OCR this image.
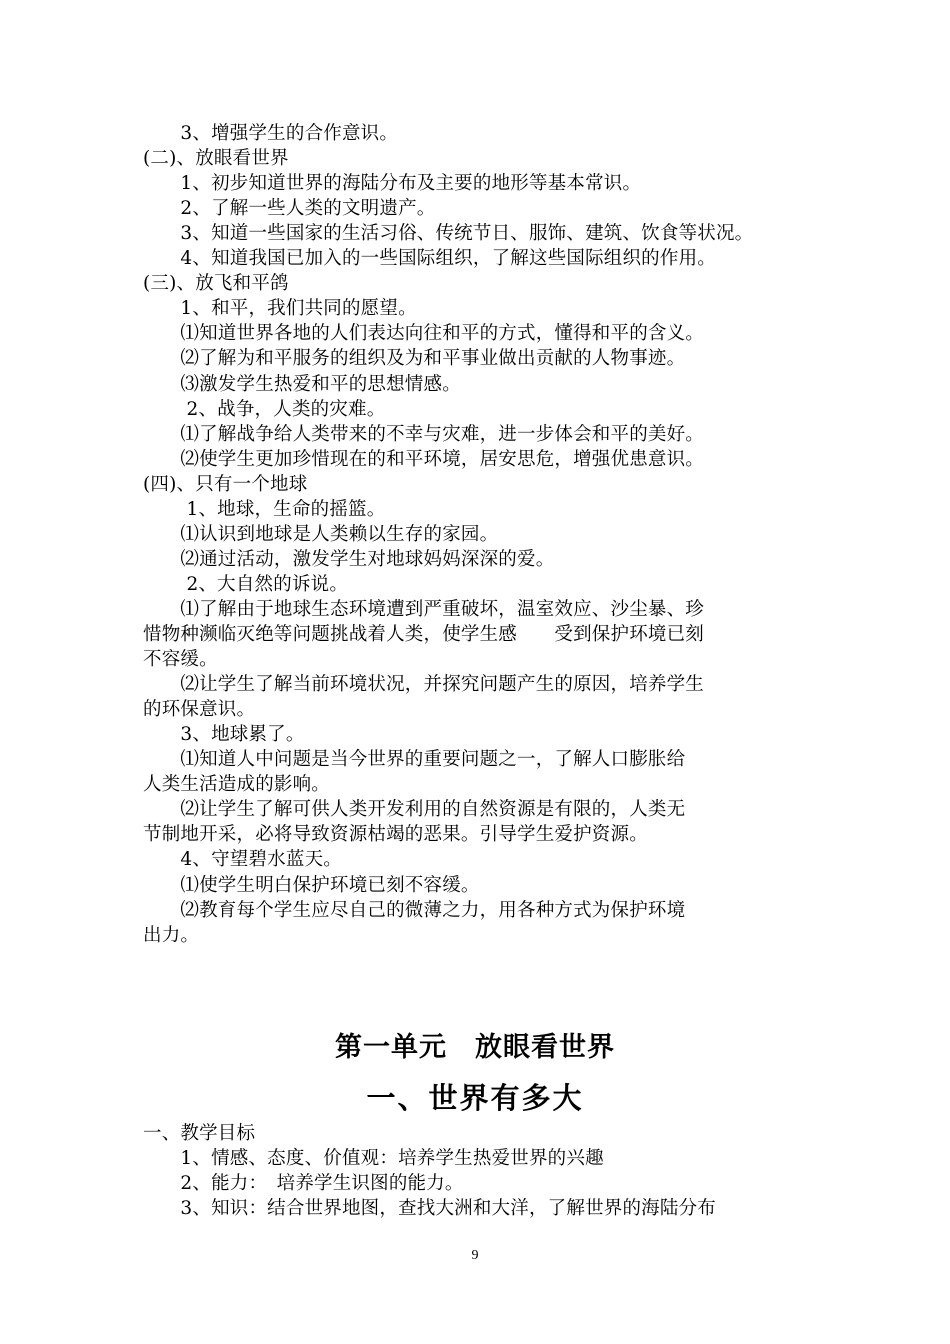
　　3、增强学生的合作意识。
(二)、放眼看世界
　　1、初步知道世界的海陆分布及主要的地形等基本常识。
　　2、了解一些人类的文明遗产。
　　3、知道一些国家的生活习俗、传统节日、服饰、建筑、饮食等状况。
　　4、知道我国已加入的一些国际组织，了解这些国际组织的作用。
(三)、放飞和平鸽
　　1、和平，我们共同的愿望。
　　⑴知道世界各地的人们表达向往和平的方式，懂得和平的含义。
　　⑵了解为和平服务的组织及为和平事业做出贡献的人物事迹。
　　⑶激发学生热爱和平的思想情感。
　　 2、战争，人类的灾难。
　　⑴了解战争给人类带来的不幸与灾难，进一步体会和平的美好。
　　⑵使学生更加珍惜现在的和平环境，居安思危，增强优患意识。
(四)、只有一个地球
　　 1、地球，生命的摇篮。
　　⑴认识到地球是人类赖以生存的家园。
　　⑵通过活动，激发学生对地球妈妈深深的爱。
　　 2、大自然的诉说。
　　⑴了解由于地球生态环境遭到严重破坏，温室效应、沙尘暴、珍
惜物种濒临灭绝等问题挑战着人类，使学生感　　受到保护环境已刻
不容缓。
　　⑵让学生了解当前环境状况，并探究问题产生的原因，培养学生
的环保意识。
　　3、地球累了。
　　⑴知道人中问题是当今世界的重要问题之一，了解人口膨胀给
人类生活造成的影响。
　　⑵让学生了解可供人类开发利用的自然资源是有限的，人类无
节制地开采，必将导致资源枯竭的恶果。引导学生爱护资源。
　　4、守望碧水蓝天。
　　⑴使学生明白保护环境已刻不容缓。
　　⑵教育每个学生应尽自己的微薄之力，用各种方式为保护环境
出力。
第一单元　放眼看世界
一、世界有多大
一、教学目标
　　1、情感、态度、价值观：培养学生热爱世界的兴趣
　　2、能力：　培养学生识图的能力。
　　3、知识：结合世界地图，查找大洲和大洋，了解世界的海陆分布
9
